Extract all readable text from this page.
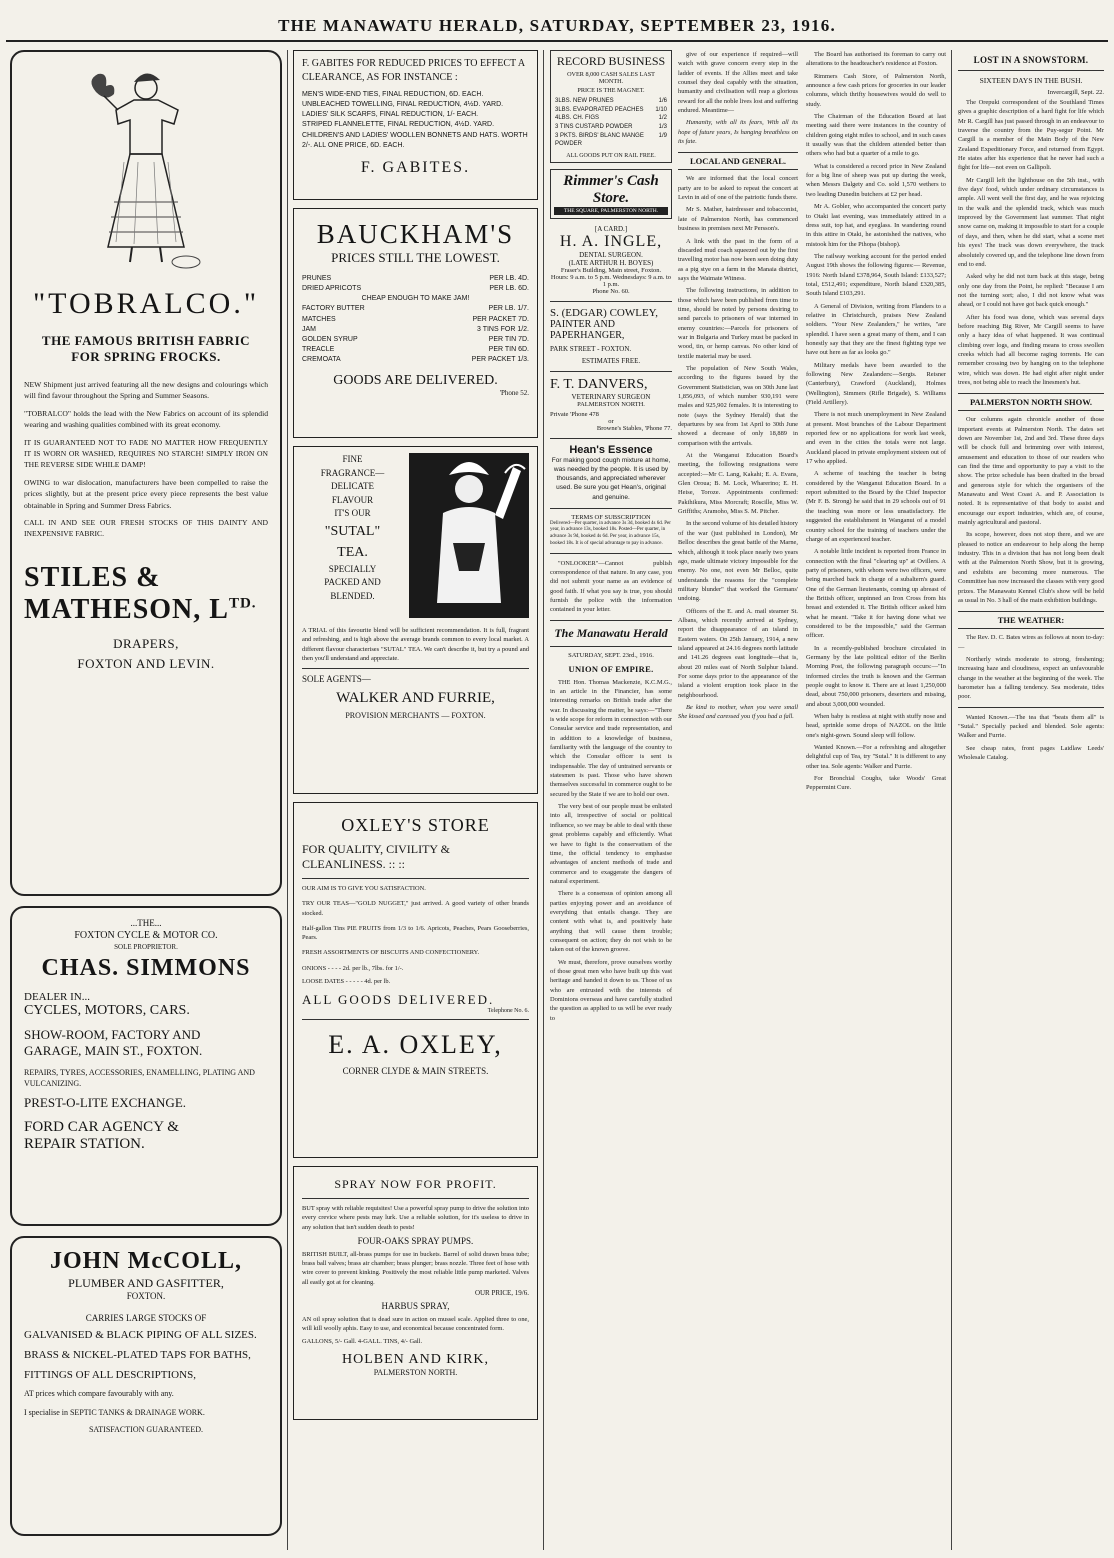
THE MANAWATU HERALD, SATURDAY, SEPTEMBER 23, 1916.
"TOBRALCO."
THE FAMOUS BRITISH FABRIC
FOR SPRING FROCKS.
NEW Shipment just arrived featuring all the new designs and colourings which will find favour throughout the Spring and Summer Seasons.
"TOBRALCO" holds the lead with the New Fabrics on account of its splendid wearing and washing qualities combined with its great economy.
IT IS GUARANTEED NOT TO FADE NO MATTER HOW FREQUENTLY IT IS WORN OR WASHED, REQUIRES NO STARCH! SIMPLY IRON ON THE REVERSE SIDE WHILE DAMP!
OWING to war dislocation, manufacturers have been compelled to raise the prices slightly, but at the present price every piece represents the best value obtainable in Spring and Summer Dress Fabrics.
CALL IN AND SEE OUR FRESH STOCKS OF THIS DAINTY AND INEXPENSIVE FABRIC.
STILES &
MATHESON, $L^{TD.}$
DRAPERS,
FOXTON AND LEVIN.
...THE...
FOXTON CYCLE & MOTOR CO.
SOLE PROPRIETOR.
CHAS. SIMMONS
DEALER IN...
CYCLES, MOTORS, CARS.
SHOW-ROOM, FACTORY AND
GARAGE, MAIN ST., FOXTON.
REPAIRS, TYRES, ACCESSORIES, ENAMELLING, PLATING AND VULCANIZING.
PREST-O-LITE EXCHANGE.
FORD CAR AGENCY &
REPAIR STATION.
JOHN McCOLL,
PLUMBER AND GASFITTER,
FOXTON.
CARRIES LARGE STOCKS OF
GALVANISED & BLACK PIPING OF ALL SIZES.
BRASS & NICKEL-PLATED TAPS FOR BATHS,
FITTINGS OF ALL DESCRIPTIONS,
AT prices which compare favourably with any.
I specialise in SEPTIC TANKS & DRAINAGE WORK.
SATISFACTION GUARANTEED.
F. GABITES FOR REDUCED PRICES TO EFFECT A CLEARANCE, AS FOR INSTANCE :
MEN'S WIDE-END TIES, FINAL REDUCTION, 6D. EACH.
UNBLEACHED TOWELLING, FINAL REDUCTION, 4½D. YARD.
LADIES' SILK SCARFS, FINAL REDUCTION, 1/- EACH.
STRIPED FLANNELETTE, FINAL REDUCTION, 4½D. YARD.
CHILDREN'S AND LADIES' WOOLLEN BONNETS AND HATS. WORTH 2/-. ALL ONE PRICE, 6D. EACH.
F. GABITES.
BAUCKHAM'S
PRICES STILL THE LOWEST.
PRUNES	PER LB. 4D.
DRIED APRICOTS	PER LB. 6D.
CHEAP ENOUGH TO MAKE JAM!
FACTORY BUTTER	PER LB. 1/7.
MATCHES	PER PACKET 7D.
JAM	3 TINS FOR 1/2.
GOLDEN SYRUP	PER TIN 7D.
TREACLE	PER TIN 6D.
CREMOATA	PER PACKET 1/3.
GOODS ARE DELIVERED.
'Phone 52.
FINE
FRAGRANCE—
DELICATE
FLAVOUR
IT'S OUR
"SUTAL"
TEA.
SPECIALLY
PACKED AND
BLENDED.
A TRIAL of this favourite blend will be sufficient recommendation. It is full, fragrant and refreshing, and is high above the average brands common to every local market. A different flavour characterises "SUTAL" TEA. We can't describe it, but try a pound and then you'll understand and appreciate.
SOLE AGENTS—
WALKER AND FURRIE,
PROVISION MERCHANTS — FOXTON.
OXLEY'S STORE
FOR QUALITY, CIVILITY &
CLEANLINESS. :: ::
OUR AIM IS TO GIVE YOU SATISFACTION.
TRY OUR TEAS—"GOLD NUGGET," just arrived. A good variety of other brands stocked.
Half-gallon Tins PIE FRUITS from 1/3 to 1/6. Apricots, Peaches, Pears Gooseberries, Pears.
FRESH ASSORTMENTS OF BISCUITS AND CONFECTIONERY.
ONIONS - - - - 2d. per lb., 7lbs. for 1/-.
LOOSE DATES - - - - - 4d. per lb.
ALL GOODS DELIVERED.
Telephone No. 6.
E. A. OXLEY,
CORNER CLYDE & MAIN STREETS.
SPRAY NOW FOR PROFIT.
BUT spray with reliable requisites! Use a powerful spray pump to drive the solution into every crevice where pests may lurk. Use a reliable solution, for it's useless to drive in any solution that isn't sudden death to pests!
FOUR-OAKS SPRAY PUMPS.
BRITISH BUILT, all-brass pumps for use in buckets. Barrel of solid drawn brass tube; brass ball valves; brass air chamber; brass plunger; brass nozzle. Three feet of hose with wire cover to prevent kinking. Positively the most reliable little pump marketed. Valves all easily got at for cleaning.
OUR PRICE, 19/6.
HARBUS SPRAY,
AN oil spray solution that is dead sure in action on mussel scale. Applied three to one, will kill woolly aphis. Easy to use, and economical because concentrated form.
GALLONS, 5/- Gall. 4-GALL. TINS, 4/- Gall.
HOLBEN AND KIRK,
PALMERSTON NORTH.
RECORD BUSINESS
OVER 8,000 CASH SALES LAST MONTH.
PRICE IS THE MAGNET.
3LBS. NEW PRUNES	1/6
3LBS. EVAPORATED PEACHES 1/10
4LBS. CH. FIGS	1/2
3 TINS CUSTARD POWDER	1/3
3 PKTS. BIRDS' BLANC MANGE POWDER
1/9
ALL GOODS PUT ON RAIL FREE.
Rimmer's Cash Store.
THE SQUARE, PALMERSTON NORTH.
[A CARD.]
H. A. INGLE,
DENTAL SURGEON.
(LATE ARTHUR H. BOYES)
Fraser's Building, Main street, Foxton.
Hours: 9 a.m. to 5 p.m. Wednesdays: 9 a.m. to 1 p.m.
Phone No. 60.
S. (EDGAR) COWLEY,
PAINTER AND PAPERHANGER,
PARK STREET - FOXTON.
ESTIMATES FREE.
F. T. DANVERS,
VETERINARY SURGEON
PALMERSTON NORTH.
Private 'Phone 478
or
Browne's Stables, 'Phone 77.
Hean's Essence
For making good cough mixture at home, was needed by the people. It is used by thousands, and appreciated wherever used. Be sure you get Hean's, original and genuine.
TERMS OF SUBSCRIPTION
Delivered—Per quarter, in advance 3s 3d, booked 4s 6d. Per year, in advance 13s, booked 18s. Posted—Per quarter, in advance 3s 9d, booked 4s 6d. Per year, in advance 15s, booked 18s. It is of special advantage to pay in advance.
"ONLOOKER"—Cannot publish correspondence of that nature. In any case, you did not submit your name as an evidence of good faith. If what you say is true, you should furnish the police with the information contained in your letter.
The Manawatu Herald
SATURDAY, SEPT. 23rd., 1916.
UNION OF EMPIRE.
THE Hon. Thomas Mackenzie, K.C.M.G., in an article in the Financier, has some interesting remarks on British trade after the war. In discussing the matter, he says:—"There is wide scope for reform in connection with our Consular service and trade representation, and in addition to a knowledge of business, familiarity with the language of the country to which the Consular officer is sent is indispensable. The day of untrained servants or statesmen is past. Those who have shown themselves successful in commerce ought to be secured by the State if we are to hold our own.
The very best of our people must be enlisted into all, irrespective of social or political influence, so we may be able to deal with these great problems capably and efficiently. What we have to fight is the conservatism of the time, the official tendency to emphasise advantages of ancient methods of trade and commerce and to exaggerate the dangers of natural experiment.
There is a consensus of opinion among all parties enjoying power and an avoidance of everything that entails change. They are content with what is, and positively hate anything that will cause them trouble; consequent on action; they do not wish to be taken out of the known groove.
We must, therefore, prove ourselves worthy of those great men who have built up this vast heritage and handed it down to us. Those of us who are entrusted with the interests of Dominions overseas and have carefully studied the question as applied to us will be ever ready to
give of our experience if required—will watch with grave concern every step in the ladder of events. If the Allies meet and take counsel they deal capably with the situation, humanity and civilisation will reap a glorious reward for all the noble lives lost and suffering endured. Meantime—
Humanity, with all its fears, With all its hope of future years, Is hanging breathless on its fate.
LOCAL AND GENERAL.
We are informed that the local concert party are to be asked to repeat the concert at Levin in aid of one of the patriotic funds there.
Mr S. Mather, hairdresser and tobacconist, late of Palmerston North, has commenced business in premises next Mr Persson's.
A link with the past in the form of a discarded mud coach squeezed out by the first travelling motor has now been seen doing duty as a pig stye on a farm in the Manaia district, says the Waimate Witness.
The following instructions, in addition to those which have been published from time to time, should be noted by persons desiring to send parcels to prisoners of war interned in enemy countries:—Parcels for prisoners of war in Bulgaria and Turkey must be packed in wood, tin, or hemp canvas. No other kind of textile material may be used.
The population of New South Wales, according to the figures issued by the Government Statistician, was on 30th June last 1,856,093, of which number 930,191 were males and 925,902 females. It is interesting to note (says the Sydney Herald) that the departures by sea from 1st April to 30th June showed a decrease of only 18,889 in comparison with the arrivals.
At the Wanganui Education Board's meeting, the following resignations were accepted:—Mr C. Lang, Kakahi; E. A. Evans, Glen Oroua; B. M. Lock, Wharerino; E. H. Heise, Toroze. Appointments confirmed: Pakihikura, Miss Morcraft; Roscille, Miss W. Griffiths; Aramoho, Miss S. M. Pitcher.
In the second volume of his detailed history of the war (just published in London), Mr Belloc describes the great battle of the Marne, which, although it took place nearly two years ago, made ultimate victory impossible for the enemy. No one, not even Mr Belloc, quite understands the reasons for the "complete military blunder" that worked the Germans' undoing.
Officers of the E. and A. mail steamer St. Albans, which recently arrived at Sydney, report the disappearance of an island in Eastern waters. On 25th January, 1914, a new island appeared at 24.16 degrees north latitude and 141.26 degrees east longitude—that is, about 20 miles east of North Sulphur Island. For some days prior to the appearance of the island a violent eruption took place in the neighbourhood.
Be kind to mother, when you were small She kissed and caressed you if you had a fall.
The Board has authorised its foreman to carry out alterations to the headteacher's residence at Foxton.
Rimmers Cash Store, of Palmerston North, announce a few cash prices for groceries in our leader columns, which thrifty housewives would do well to study.
The Chairman of the Education Board at last meeting said there were instances in the country of children going eight miles to school, and in such cases it usually was that the children attended better than others who had but a quarter of a mile to go.
What is considered a record price in New Zealand for a big line of sheep was put up during the week, when Messrs Dalgety and Co. sold 1,570 wethers to two leading Dunedin butchers at £2 per head.
Mr A. Gobler, who accompanied the concert party to Otaki last evening, was immediately attired in a dress suit, top hat, and eyeglass. In wandering round in this attire in Otaki, he astonished the natives, who mistook him for the Pihopa (bishop).
The railway working account for the period ended August 19th shows the following figures:— Revenue, 1916: North Island £378,964, South Island: £133,527; total, £512,491; expenditure, North Island £320,385, South Island £103,291.
A General of Division, writing from Flanders to a relative in Christchurch, praises New Zealand soldiers. "Your New Zealanders," he writes, "are splendid. I have seen a great many of them, and I can honestly say that they are the finest fighting type we have out here as far as looks go."
Military medals have been awarded to the following New Zealanders:—Sergts. Reisner (Canterbury), Crawford (Auckland), Holmes (Wellington), Simmers (Rifle Brigade), S. Williams (Field Artillery).
There is not much unemployment in New Zealand at present. Most branches of the Labour Department reported few or no applications for work last week, and even in the cities the totals were not large. Auckland placed in private employment sixteen out of 17 who applied.
A scheme of teaching the teacher is being considered by the Wanganui Education Board. In a report submitted to the Board by the Chief Inspector (Mr F. B. Strong) he said that in 29 schools out of 91 the teaching was more or less unsatisfactory. He suggested the establishment in Wanganui of a model country school for the training of teachers under the charge of an experienced teacher.
A notable little incident is reported from France in connection with the final "clearing up" at Ovillers. A party of prisoners, with whom were two officers, were being marched back in charge of a subaltern's guard. One of the German lieutenants, coming up abreast of the British officer, unpinned an Iron Cross from his breast and extended it. The British officer asked him what he meant. "Take it for having done what we considered to be the impossible," said the German officer.
In a recently-published brochure circulated in Germany by the late political editor of the Berlin Morning Post, the following paragraph occurs:—"In informed circles the truth is known and the German people ought to know it. There are at least 1,250,000 dead, about 750,000 prisoners, deserters and missing, and about 3,000,000 wounded.
When baby is restless at night with stuffy nose and head, sprinkle some drops of NAZOL on the little one's night-gown. Sound sleep will follow.
Wanted Known.—For a refreshing and altogether delightful cup of Tea, try "Sutal." It is different to any other tea. Sole agents: Walker and Furrie.
For Bronchial Coughs, take Woods' Great Peppermint Cure.
LOST IN A SNOWSTORM.
SIXTEEN DAYS IN THE BUSH.
Invercargill, Sept. 22.
The Orepuki correspondent of the Southland Times gives a graphic description of a hard fight for life which Mr R. Cargill has just passed through in an endeavour to traverse the country from the Puy-segur Point. Mr Cargill is a member of the Main Body of the New Zealand Expeditionary Force, and returned from Egypt. He states after his experience that he never had such a fight for life—not even on Gallipoli.
Mr Cargill left the lighthouse on the 5th inst., with five days' food, which under ordinary circumstances is ample. All went well the first day, and he was rejoicing in the walk and the splendid track, which was much improved by the Government last summer. That night snow came on, making it impossible to start for a couple of days, and then, when he did start, what a scene met his eyes! The track was down everywhere, the track absolutely covered up, and the telephone line down from end to end.
Asked why he did not turn back at this stage, being only one day from the Point, he replied: "Because I am not the turning sort; also, I did not know what was ahead, or I could not have got back quick enough."
After his food was done, which was several days before reaching Big River, Mr Cargill seems to have only a hazy idea of what happened. It was continual climbing over logs, and finding means to cross swollen creeks which had all become raging torrents. He can remember crossing two by hanging on to the telephone wire, which was down. He had eight after night under trees, not being able to reach the linesmen's hut.
PALMERSTON NORTH SHOW.
Our columns again chronicle another of those important events at Palmerston North. The dates set down are November 1st, 2nd and 3rd. These three days will be chock full and brimming over with interest, amusement and education to those of our readers who can find the time and opportunity to pay a visit to the show. The prize schedule has been drafted in the broad and generous style for which the organisers of the Manawatu and West Coast A. and P. Association is noted. It is representative of that body to assist and encourage our export industries, which are, of course, mainly agricultural and pastoral.
Its scope, however, does not stop there, and we are pleased to notice an endeavour to help along the hemp industry. This in a division that has not long been dealt with at the Palmerston North Show, but it is growing, and exhibits are becoming more numerous. The Committee has now increased the classes with very good prizes. The Manawatu Kennel Club's show will be held as usual in No. 3 hall of the main exhibition buildings.
THE WEATHER:
The Rev. D. C. Bates wires as follows at noon to-day:—
Northerly winds moderate to strong, freshening; increasing haze and cloudiness, expect an unfavourable change in the weather at the beginning of the week. The barometer has a falling tendency. Sea moderate, tides poor.
Wanted Known.—The tea that "beats them all" is "Sutal." Specially packed and blended. Sole agents: Walker and Furrie.
See cheap rates, front pages Laidlaw Leeds' Wholesale Catalog.
